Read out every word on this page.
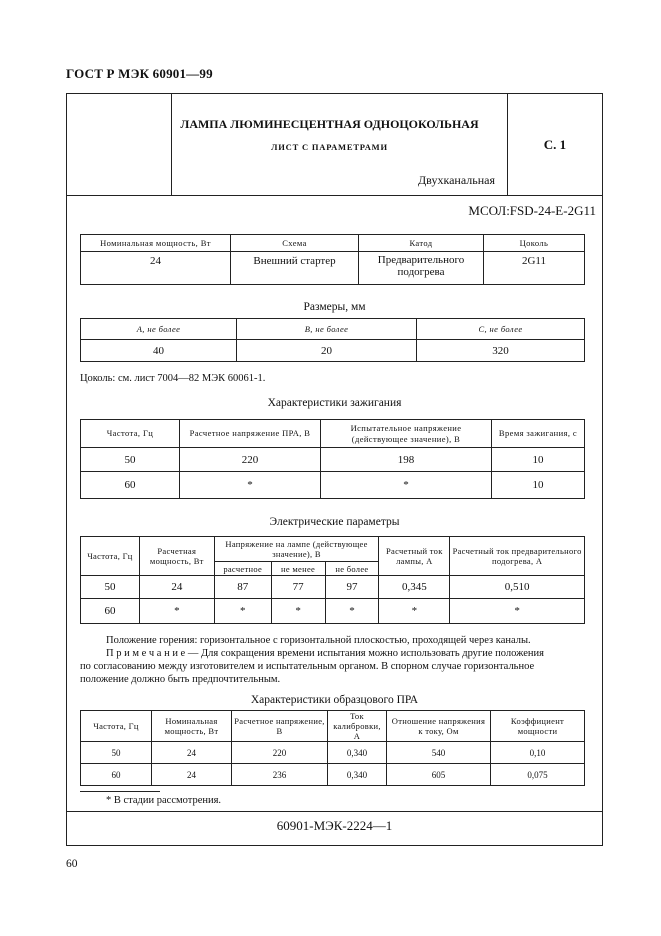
ГОСТ Р МЭК 60901—99
ЛАМПА ЛЮМИНЕСЦЕНТНАЯ ОДНОЦОКОЛЬНАЯ
ЛИСТ С ПАРАМЕТРАМИ	С. 1
Двухканальная
МСОЛ:FSD-24-E-2G11
Номинальная мощность, Вт	Схема	Катод	Цоколь
24	Внешний стартер	Предварительного подогрева	2G11
Размеры, мм
A, не более	B, не более	C, не более
40	20	320
Цоколь: см. лист 7004—82 МЭК 60061-1.
Характеристики зажигания
Частота, Гц	Расчетное напряжение ПРА, В	Испытательное напряжение (действующее значение), В	Время зажигания, с
50	220	198	10
60	*	*	10
Электрические параметры
Частота, Гц	Расчетная мощность, Вт	Напряжение на лампе (действующее значение), В			Расчетный ток лампы, А	Расчетный ток предварительного подогрева, А
		расчетное	не менее	не более		
50	24	87	77	97	0,345	0,510
60	*	*	*	*	*	*
Положение горения: горизонтальное с горизонтальной плоскостью, проходящей через каналы.
П р и м е ч а н и е — Для сокращения времени испытания можно использовать другие положения
по согласованию между изготовителем и испытательным органом. В спорном случае горизонтальное
положение должно быть предпочтительным.
Характеристики образцового ПРА
Частота, Гц	Номинальная мощность, Вт	Расчетное напряжение, В	Ток калибровки, А	Отношение напряжения к току, Ом	Коэффициент мощности
50	24	220	0,340	540	0,10
60	24	236	0,340	605	0,075
* В стадии рассмотрения.
60901-МЭК-2224—1
60
